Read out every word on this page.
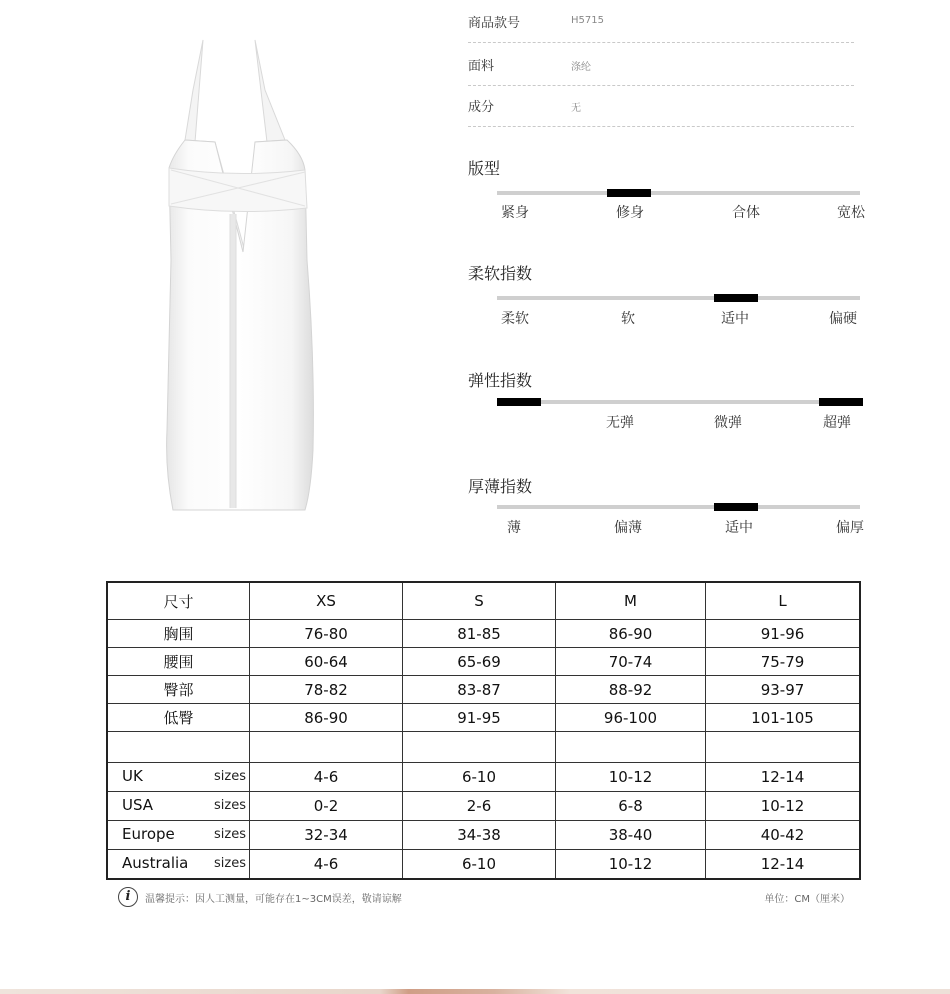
商品款号	H5715
面料	涤纶
成分	无
版型
紧身	修身	合体	宽松
柔软指数
柔软	软	适中	偏硬
弹性指数
无弹	微弹	超弹
厚薄指数
薄	偏薄	适中	偏厚
尺寸	XS	S	M	L
胸围	76-80	81-85	86-90	91-96
腰围	60-64	65-69	70-74	75-79
臀部	78-82	83-87	88-92	93-97
低臀	86-90	91-95	96-100	101-105

UK sizes	4-6	6-10	10-12	12-14

USA sizes	0-2	2-6	6-8	10-12

Europe sizes	32-34	34-38	38-40	40-42

Australia sizes	4-6	6-10	10-12	12-14
i	温馨提示：因人工测量，可能存在1~3CM误差，敬请谅解	单位：CM（厘米）
